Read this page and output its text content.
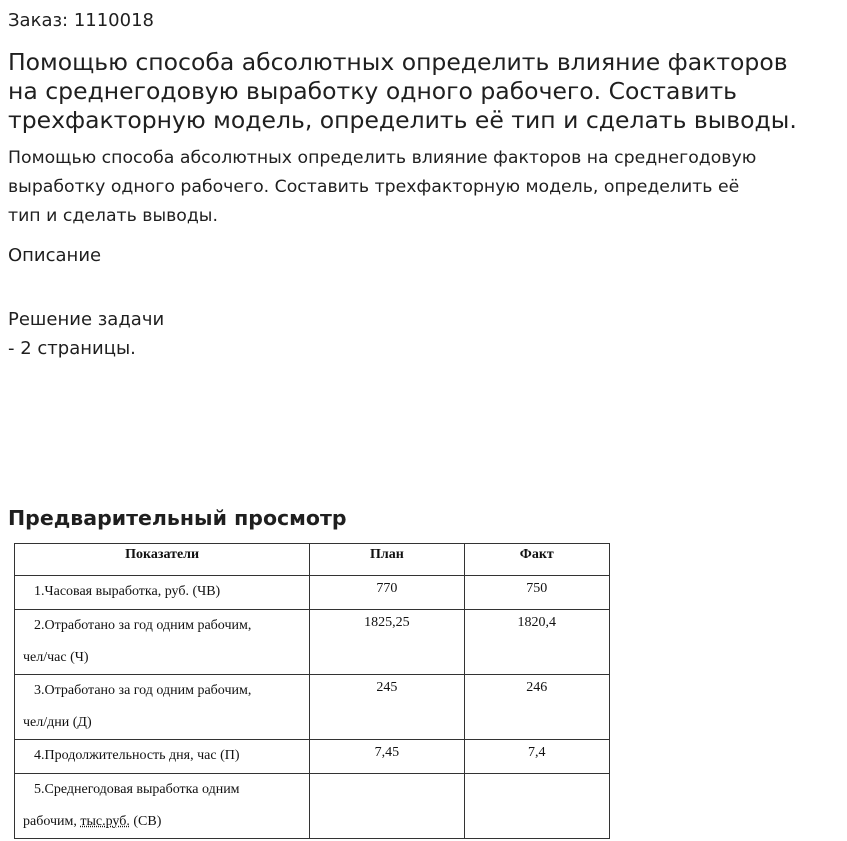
Заказ: 1110018
Помощью способа абсолютных определить влияние факторов
на среднегодовую выработку одного рабочего. Составить
трехфакторную модель, определить её тип и сделать выводы.
Помощью способа абсолютных определить влияние факторов на среднегодовую
выработку одного рабочего. Составить трехфакторную модель, определить её
тип и сделать выводы.
Описание
Решение задачи
- 2 страницы.
Предварительный просмотр
Показатели	План	Факт
1.Часовая выработка, руб. (ЧВ)	770	750
2.Отработано за год одним рабочим,
чел/час (Ч)	1825,25	1820,4
3.Отработано за год одним рабочим,
чел/дни (Д)	245	246
4.Продолжительность дня, час (П)	7,45	7,4
5.Среднегодовая выработка одним
рабочим, тыс.руб. (СВ)		
